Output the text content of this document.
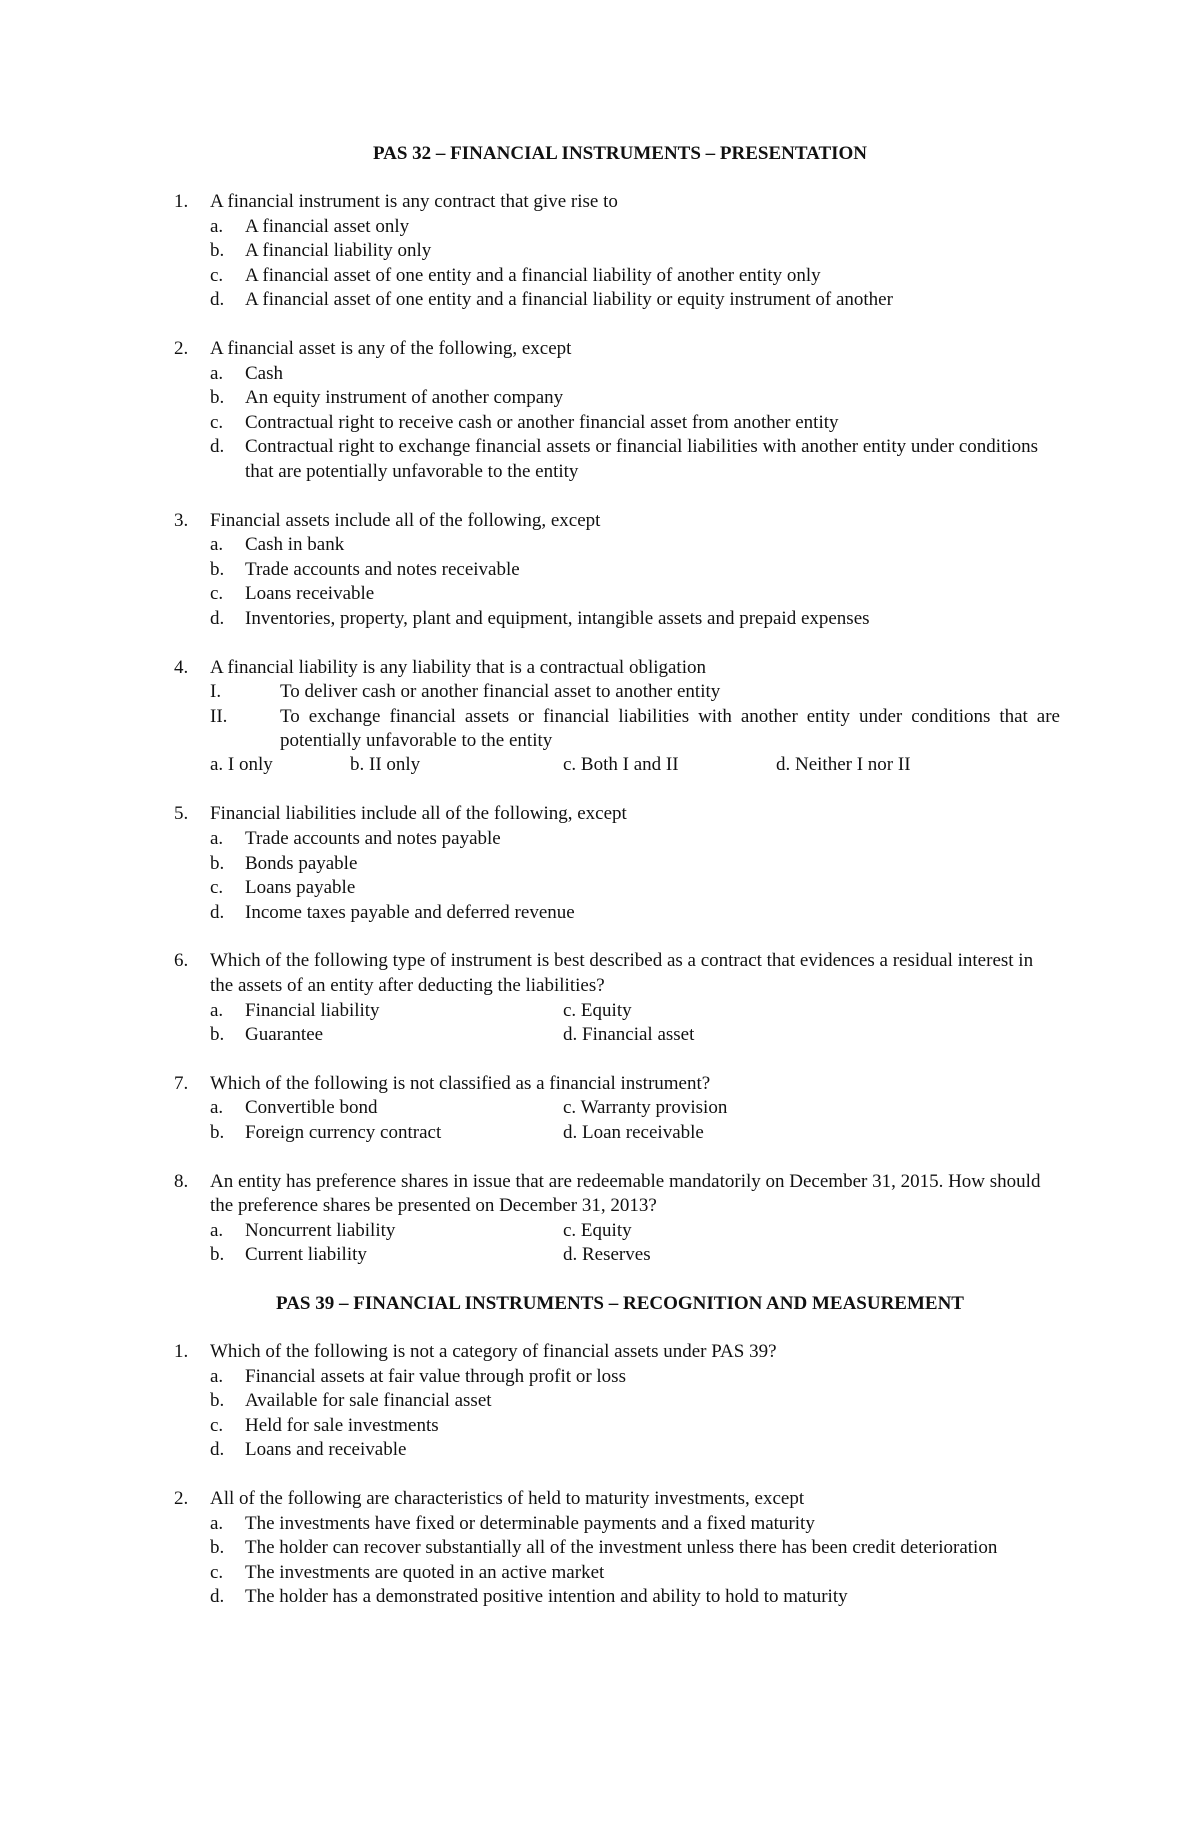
PAS 32 – FINANCIAL INSTRUMENTS – PRESENTATION
1. A financial instrument is any contract that give rise to
a. A financial asset only
b. A financial liability only
c. A financial asset of one entity and a financial liability of another entity only
d. A financial asset of one entity and a financial liability or equity instrument of another
2. A financial asset is any of the following, except
a. Cash
b. An equity instrument of another company
c. Contractual right to receive cash or another financial asset from another entity
d. Contractual right to exchange financial assets or financial liabilities with another entity under conditions that are potentially unfavorable to the entity
3. Financial assets include all of the following, except
a. Cash in bank
b. Trade accounts and notes receivable
c. Loans receivable
d. Inventories, property, plant and equipment, intangible assets and prepaid expenses
4. A financial liability is any liability that is a contractual obligation
I.	To deliver cash or another financial asset to another entity
II.	To exchange financial assets or financial liabilities with another entity under conditions that are potentially unfavorable to the entity
a. I only	b. II only	c. Both I and II	d. Neither I nor II
5. Financial liabilities include all of the following, except
a. Trade accounts and notes payable
b. Bonds payable
c. Loans payable
d. Income taxes payable and deferred revenue
6. Which of the following type of instrument is best described as a contract that evidences a residual interest in the assets of an entity after deducting the liabilities?
a. Financial liability	c. Equity
b. Guarantee	d. Financial asset
7. Which of the following is not classified as a financial instrument?
a. Convertible bond	c. Warranty provision
b. Foreign currency contract	d. Loan receivable
8. An entity has preference shares in issue that are redeemable mandatorily on December 31, 2015. How should the preference shares be presented on December 31, 2013?
a. Noncurrent liability	c. Equity
b. Current liability	d. Reserves
PAS 39 – FINANCIAL INSTRUMENTS – RECOGNITION AND MEASUREMENT
1. Which of the following is not a category of financial assets under PAS 39?
a. Financial assets at fair value through profit or loss
b. Available for sale financial asset
c. Held for sale investments
d. Loans and receivable
2. All of the following are characteristics of held to maturity investments, except
a. The investments have fixed or determinable payments and a fixed maturity
b. The holder can recover substantially all of the investment unless there has been credit deterioration
c. The investments are quoted in an active market
d. The holder has a demonstrated positive intention and ability to hold to maturity
